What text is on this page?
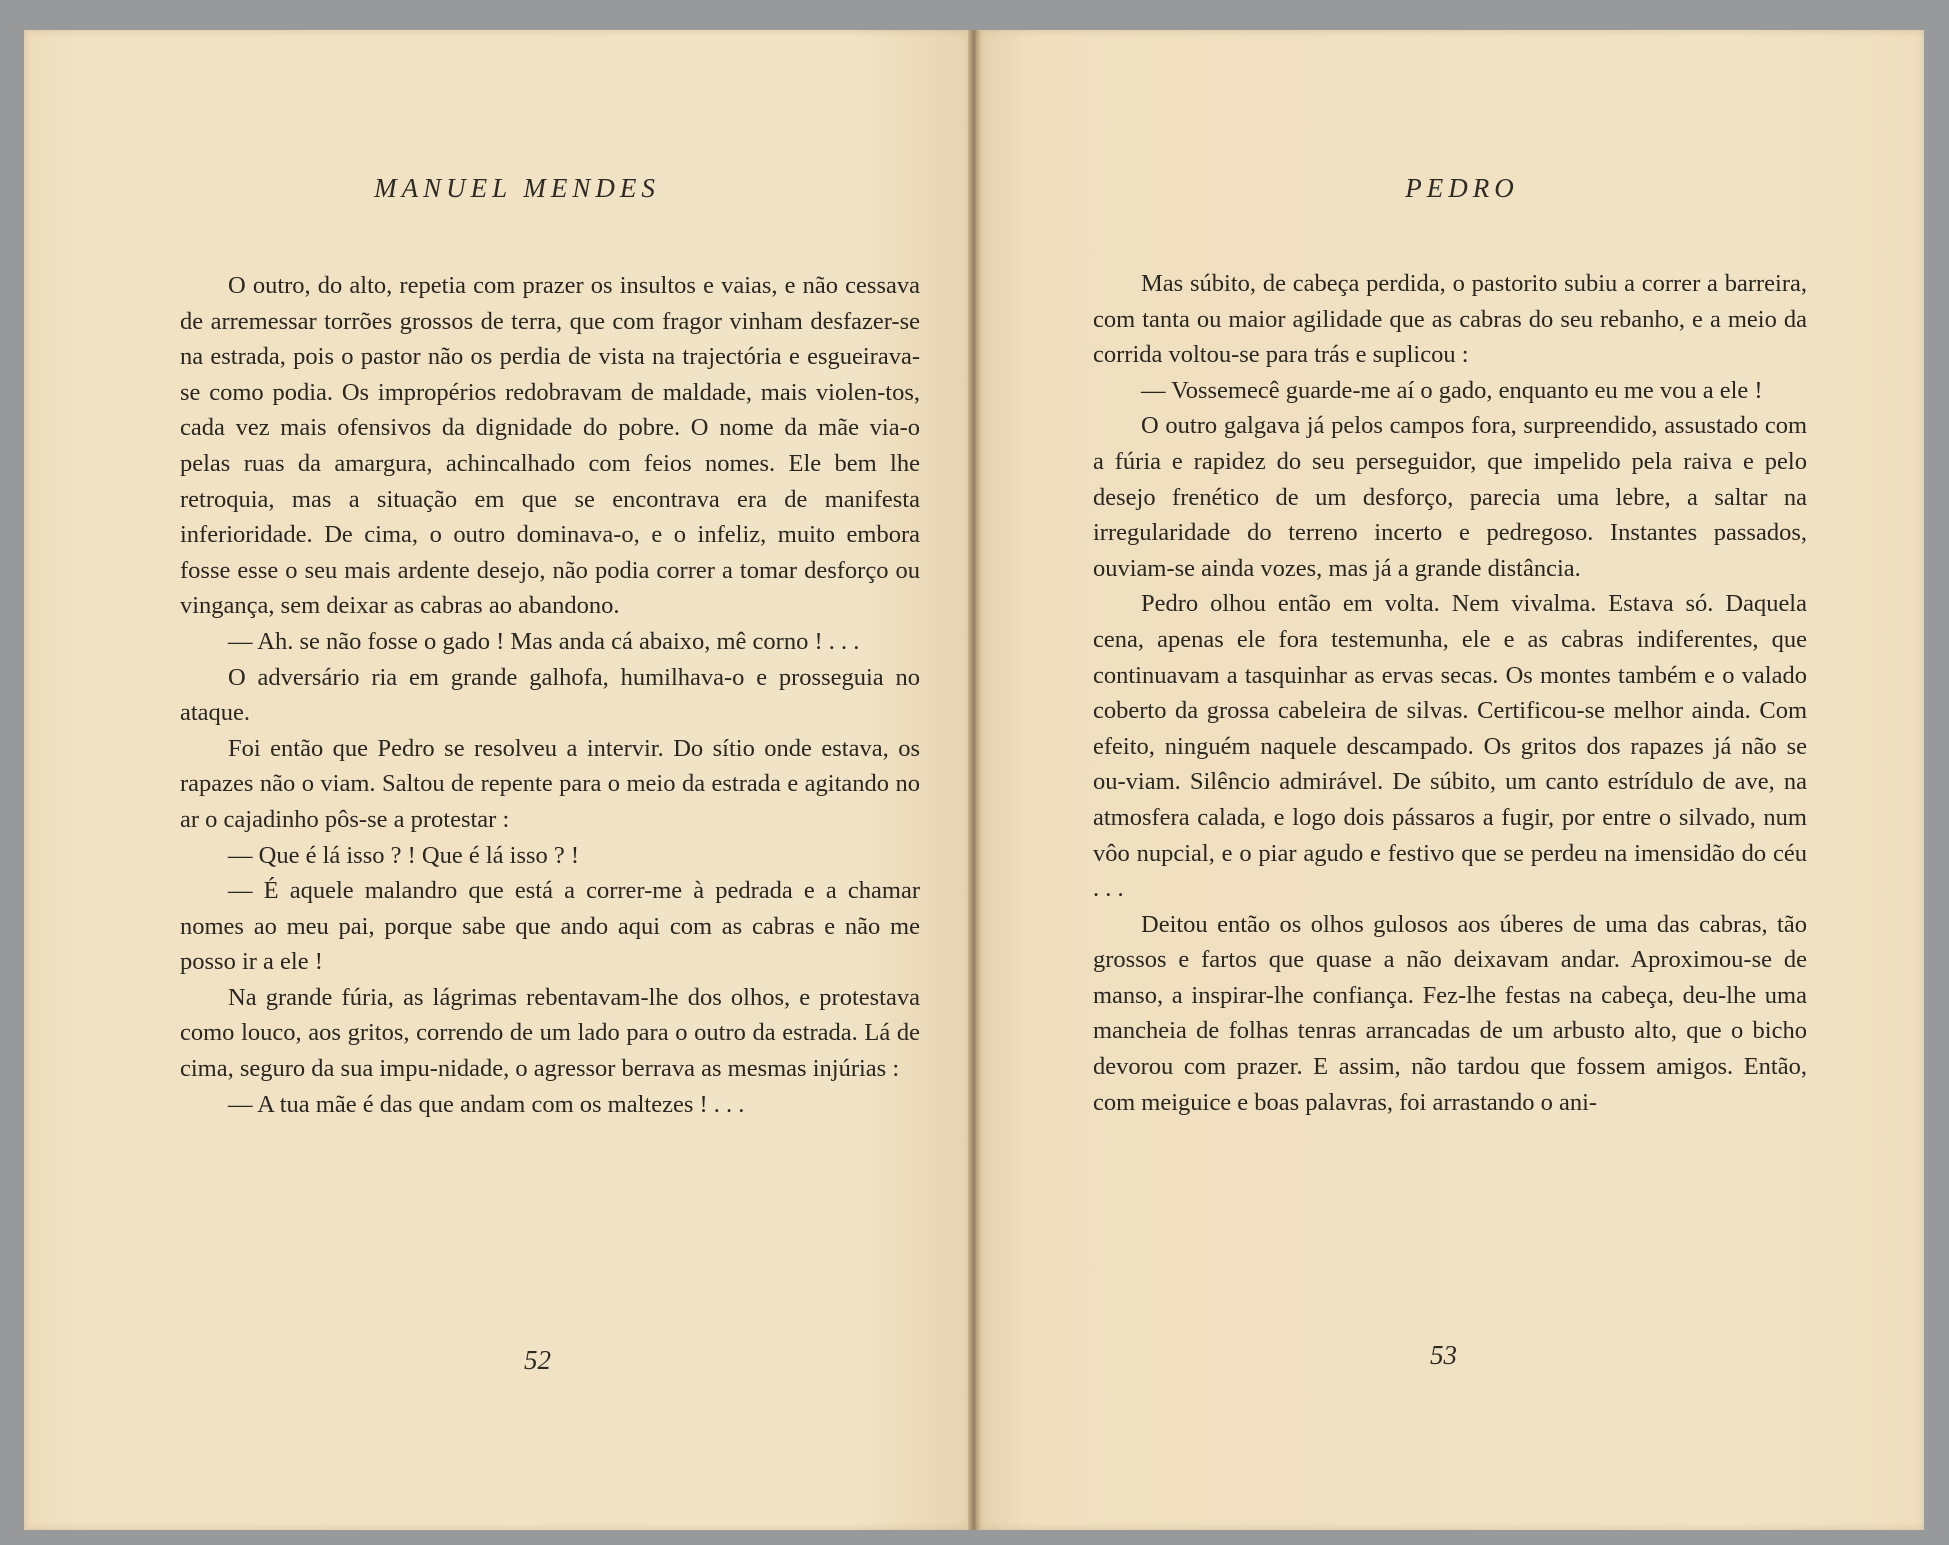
MANUEL MENDES

O outro, do alto, repetia com prazer os insultos e vaias, e não cessava de arremessar torrões grossos de terra, que com fragor vinham desfazer-se na estrada, pois o pastor não os perdia de vista na trajectória e esgueirava-se como podia. Os impropérios redobravam de maldade, mais violen-tos, cada vez mais ofensivos da dignidade do pobre. O nome da mãe via-o pelas ruas da amargura, achincalhado com feios nomes. Ele bem lhe retroquia, mas a situação em que se encontrava era de manifesta inferioridade. De cima, o outro dominava-o, e o infeliz, muito embora fosse esse o seu mais ardente desejo, não podia correr a tomar desforço ou vingança, sem deixar as cabras ao abandono.

— Ah. se não fosse o gado ! Mas anda cá abaixo, mê corno ! . . .

O adversário ria em grande galhofa, humilhava-o e prosseguia no ataque.

Foi então que Pedro se resolveu a intervir. Do sítio onde estava, os rapazes não o viam. Saltou de repente para o meio da estrada e agitando no ar o cajadinho pôs-se a protestar :

— Que é lá isso ? ! Que é lá isso ? !

— É aquele malandro que está a correr-me à pedrada e a chamar nomes ao meu pai, porque sabe que ando aqui com as cabras e não me posso ir a ele !

Na grande fúria, as lágrimas rebentavam-lhe dos olhos, e protestava como louco, aos gritos, correndo de um lado para o outro da estrada. Lá de cima, seguro da sua impu-nidade, o agressor berrava as mesmas injúrias :

— A tua mãe é das que andam com os maltezes ! . . .

52
PEDRO

Mas súbito, de cabeça perdida, o pastorito subiu a correr a barreira, com tanta ou maior agilidade que as cabras do seu rebanho, e a meio da corrida voltou-se para trás e suplicou :

— Vossemecê guarde-me aí o gado, enquanto eu me vou a ele !

O outro galgava já pelos campos fora, surpreendido, assustado com a fúria e rapidez do seu perseguidor, que impelido pela raiva e pelo desejo frenético de um desforço, parecia uma lebre, a saltar na irregularidade do terreno incerto e pedregoso. Instantes passados, ouviam-se ainda vozes, mas já a grande distância.

Pedro olhou então em volta. Nem vivalma. Estava só. Daquela cena, apenas ele fora testemunha, ele e as cabras indiferentes, que continuavam a tasquinhar as ervas secas. Os montes também e o valado coberto da grossa cabeleira de silvas. Certificou-se melhor ainda. Com efeito, ninguém naquele descampado. Os gritos dos rapazes já não se ou-viam. Silêncio admirável. De súbito, um canto estrídulo de ave, na atmosfera calada, e logo dois pássaros a fugir, por entre o silvado, num vôo nupcial, e o piar agudo e festivo que se perdeu na imensidão do céu . . .

Deitou então os olhos gulosos aos úberes de uma das cabras, tão grossos e fartos que quase a não deixavam andar. Aproximou-se de manso, a inspirar-lhe confiança. Fez-lhe festas na cabeça, deu-lhe uma mancheia de folhas tenras arrancadas de um arbusto alto, que o bicho devorou com prazer. E assim, não tardou que fossem amigos. Então, com meiguice e boas palavras, foi arrastando o ani-

53
